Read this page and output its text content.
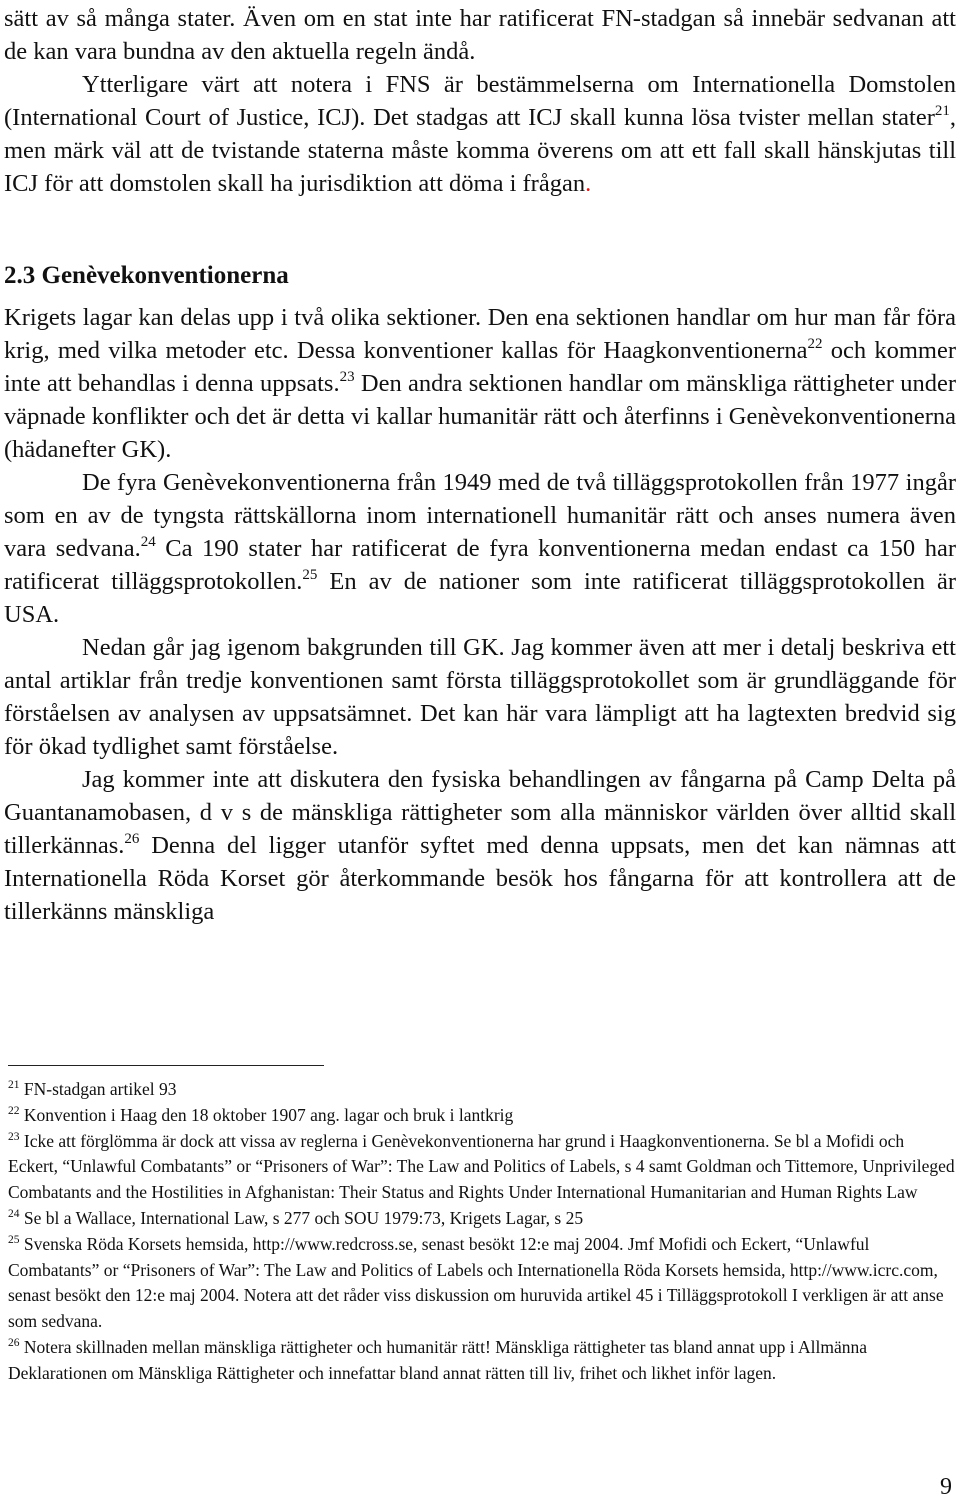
sätt av så många stater. Även om en stat inte har ratificerat FN-stadgan så innebär sedvanan att de kan vara bundna av den aktuella regeln ändå.

Ytterligare värt att notera i FNS är bestämmelserna om Internationella Domstolen (International Court of Justice, ICJ). Det stadgas att ICJ skall kunna lösa tvister mellan stater$^{21}$, men märk väl att de tvistande staterna måste komma överens om att ett fall skall hänskjutas till ICJ för att domstolen skall ha jurisdiktion att döma i frågan.

2.3 Genèvekonventionerna

Krigets lagar kan delas upp i två olika sektioner. Den ena sektionen handlar om hur man får föra krig, med vilka metoder etc. Dessa konventioner kallas för Haagkonventionerna$^{22}$ och kommer inte att behandlas i denna uppsats.$^{23}$ Den andra sektionen handlar om mänskliga rättigheter under väpnade konflikter och det är detta vi kallar humanitär rätt och återfinns i Genèvekonventionerna (hädanefter GK).

De fyra Genèvekonventionerna från 1949 med de två tilläggsprotokollen från 1977 ingår som en av de tyngsta rättskällorna inom internationell humanitär rätt och anses numera även vara sedvana.$^{24}$ Ca 190 stater har ratificerat de fyra konventionerna medan endast ca 150 har ratificerat tilläggsprotokollen.$^{25}$ En av de nationer som inte ratificerat tilläggsprotokollen är USA.

Nedan går jag igenom bakgrunden till GK. Jag kommer även att mer i detalj beskriva ett antal artiklar från tredje konventionen samt första tilläggsprotokollet som är grundläggande för förståelsen av analysen av uppsatsämnet. Det kan här vara lämpligt att ha lagtexten bredvid sig för ökad tydlighet samt förståelse.

Jag kommer inte att diskutera den fysiska behandlingen av fångarna på Camp Delta på Guantanamobasen, d v s de mänskliga rättigheter som alla människor världen över alltid skall tillerkännas.$^{26}$ Denna del ligger utanför syftet med denna uppsats, men det kan nämnas att Internationella Röda Korset gör återkommande besök hos fångarna för att kontrollera att de tillerkänns mänskliga

$^{21}$ FN-stadgan artikel 93

$^{22}$ Konvention i Haag den 18 oktober 1907 ang. lagar och bruk i lantkrig

$^{23}$ Icke att förglömma är dock att vissa av reglerna i Genèvekonventionerna har grund i Haagkonventionerna. Se bl a Mofidi och Eckert, “Unlawful Combatants” or “Prisoners of War”: The Law and Politics of Labels, s 4 samt Goldman och Tittemore, Unprivileged Combatants and the Hostilities in Afghanistan: Their Status and Rights Under International Humanitarian and Human Rights Law

$^{24}$ Se bl a Wallace, International Law, s 277 och SOU 1979:73, Krigets Lagar, s 25

$^{25}$ Svenska Röda Korsets hemsida, http://www.redcross.se, senast besökt 12:e maj 2004. Jmf Mofidi och Eckert, “Unlawful Combatants” or “Prisoners of War”: The Law and Politics of Labels och Internationella Röda Korsets hemsida, http://www.icrc.com, senast besökt den 12:e maj 2004. Notera att det råder viss diskussion om huruvida artikel 45 i Tilläggsprotokoll I verkligen är att anse som sedvana.

$^{26}$ Notera skillnaden mellan mänskliga rättigheter och humanitär rätt! Mänskliga rättigheter tas bland annat upp i Allmänna Deklarationen om Mänskliga Rättigheter och innefattar bland annat rätten till liv, frihet och likhet inför lagen.

9
